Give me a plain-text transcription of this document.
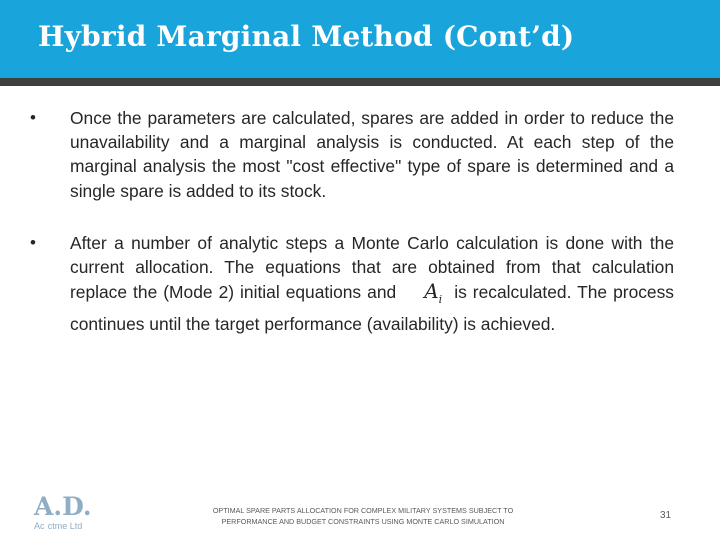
Hybrid Marginal Method (Cont’d)
• Once the parameters are calculated, spares are added in order to reduce the unavailability and a marginal analysis is conducted. At each step of the marginal analysis the most "cost effective" type of spare is determined and a single spare is added to its stock.
• After a number of analytic steps a Monte Carlo calculation is done with the current allocation. The equations that are obtained from that calculation replace the (Mode 2) initial equations and $A_i$ is recalculated. The process continues until the target performance (availability) is achieved.
A.D.
Ac  ctme Ltd
OPTIMAL SPARE PARTS ALLOCATION FOR COMPLEX MILITARY SYSTEMS SUBJECT TO
PERFORMANCE AND BUDGET CONSTRAINTS USING MONTE CARLO SIMULATION
31
